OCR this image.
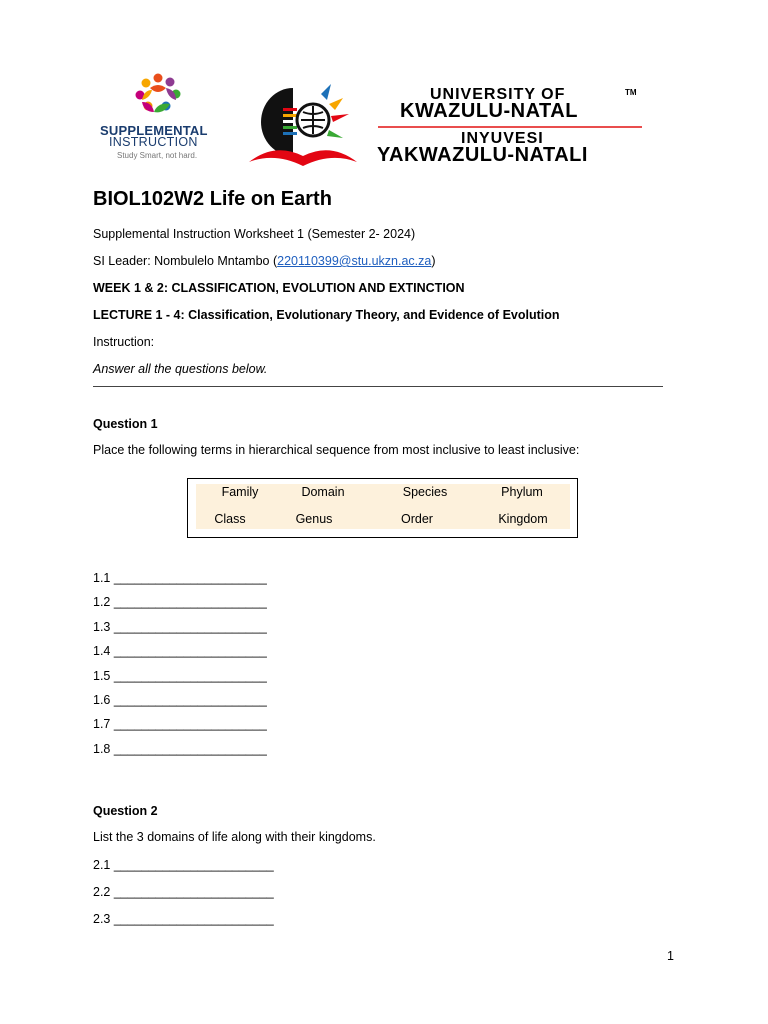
SUPPLEMENTAL
INSTRUCTION
Study Smart, not hard.
UNIVERSITY OF
KWAZULU-NATAL
TM
INYUVESI
YAKWAZULU-NATALI
BIOL102W2 Life on Earth
Supplemental Instruction Worksheet 1 (Semester 2- 2024)
SI Leader: Nombulelo Mntambo (220110399@stu.ukzn.ac.za)
WEEK 1 & 2: CLASSIFICATION, EVOLUTION AND EXTINCTION
LECTURE 1 - 4: Classification, Evolutionary Theory, and Evidence of Evolution
Instruction:
Answer all the questions below.
Question 1
Place the following terms in hierarchical sequence from most inclusive to least inclusive:
Family	Domain	Species	Phylum
Class	Genus	Order	Kingdom
1.1 ______________________
1.2 ______________________
1.3 ______________________
1.4 ______________________
1.5 ______________________
1.6 ______________________
1.7 ______________________
1.8 ______________________
Question 2
List the 3 domains of life along with their kingdoms.
2.1 _______________________
2.2 _______________________
2.3 _______________________
1
